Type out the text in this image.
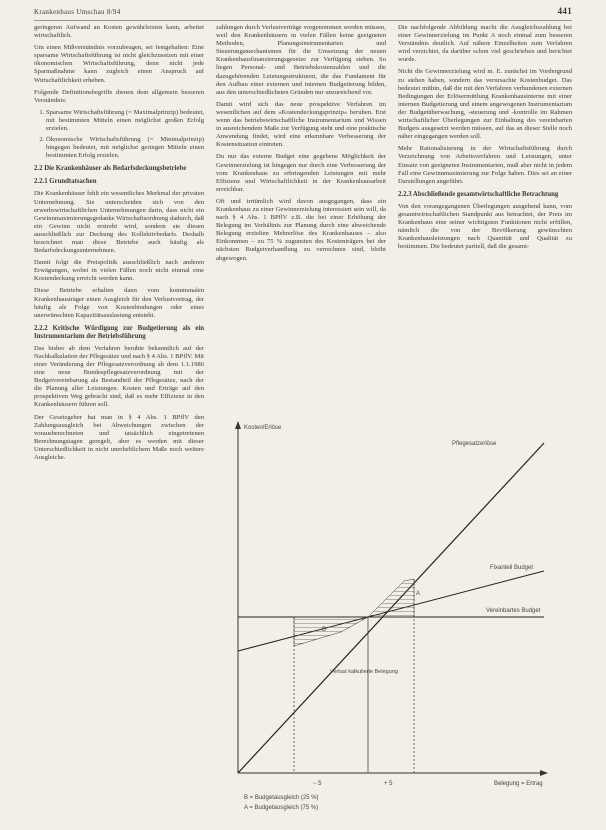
Krankenhaus Umschau 8/94	441

geringeren Aufwand an Kosten gewährleisten kann, arbeitet wirtschaftlich.

Um einen Mißverständnis vorzubeugen, sei festgehalten: Eine sparsame Wirtschaftsführung ist nicht gleichzusetzen mit einer ökonomischen Wirtschaftsführung, denn nicht jede Sparmaßnahme kann zugleich einen Anspruch auf Wirtschaftlichkeit erheben.

Folgende Definitionsbegriffe dienen dem allgemein besseren Verständnis:

1. Sparsame Wirtschaftsführung (= Maximalprinzip) bedeutet, mit bestimmten Mitteln einen möglichst großen Erfolg erzielen.
2. Ökonomische Wirtschaftsführung (= Minimalprinzip) hingegen bedeutet, mit möglichst geringen Mitteln einen bestimmten Erfolg erzielen.
2.2 Die Krankenhäuser als Bedarfsdeckungsbetriebe
2.2.1 Grundtatsachen

Die Krankenhäuser fehlt ein wesentliches Merkmal der privaten Unternehmung. Sie unterscheiden sich von den erwerbswirtschaftlichen Unternehmungen darin, dass nicht ein Gewinnmaximierungsgedanke Wirtschaftsordnung dadurch, daß ein Gewinn nicht erstrebt wird, sondern sie diesen ausschließlich zur Deckung des Kollektivbedarfs. Deshalb bezeichnet man diese Betriebe auch häufig als Bedarfsdeckungsunternehmen.

Damit folgt die Preispolitik ausschließlich nach anderen Erwägungen, wobei in vielen Fällen noch nicht einmal eine Kostendeckung erreicht werden kann.

Diese Betriebe erhalten dann vom kommunalen Krankenhausträger einen Ausgleich für den Verlustvortrag, der häufig als Folge von Kostenbindungen oder eines unerwünschten Kapazitätsauslastung entsteht.

2.2.2 Kritische Würdigung zur Budgetierung als ein Instrumentarium der Betriebsführung

Das bisher ab dem Verfahren beruhte bekanntlich auf der Nachkalkulation der Pflegesätze und nach § 4 Abs. 1 BPflV. Mit einer Veränderung der Pflegesatzverordnung ab dem 1.1.1986 eine neue Bundespflegesatzverordnung mit der Budgetvereinbarung als Bestandteil der Pflegesätze, nach der die Planung aller Leistungen. Kosten und Erträge auf den prospektiven Weg gebracht sind, daß es mehr Effizienz in den Krankenhäusern führen soll.

Der Gesetzgeber hat man in § 4 Abs. 1 BPflV den Zahlungsausgleich bei Abweichungen zwischen der vorausberechneten und tatsächlich eingetretenen Berechnungstagen geregelt, aber es werden mit dieser Unterschiedlichkeit in nicht unerheblichem Maße noch weitere Ausgleiche.

zahlungen durch Verlustverträge vorgenommen werden müssen, weil den Krankenhäusern in vielen Fällen keine geeigneten Methoden, Planungsinstrumentarien und Steuerungsmechanismen für die Umsetzung der neuen Krankenhausfinanzierungsgesetze zur Verfügung stehen. So liegen Personal- und Betriebskostenzahlen und die dazugehörenden Leistungsstrukturen, die das Fundament für den Aufbau einer externen und internen Budgetierung bilden, aus den unterschiedlichsten Gründen nur unzureichend vor.

Damit wird sich das neue prospektive Verfahren im wesentlichen auf dem »Kostendeckungsprinzip« beruhen. Erst wenn das betriebswirtschaftliche Instrumentarium und Wissen in ausreichendem Maße zur Verfügung steht und eine praktische Anwendung findet, wird eine erkennbare Verbesserung der Kostensituation eintreten.

Du nur das externe Budget eine gegebene Möglichkeit der Gewinnerzielung ist hingegen nur durch eine Verbesserung der vom Krankenhaus zu erbringenden Leistungen mit mehr Effizienz und Wirtschaftlichkeit in der Krankenhausarbeit erreichbar.

Oft und irrtümlich wird davon ausgegangen, dass ein Krankenhaus zu einer Gewinnerzielung interessiert sein will, da nach § 4 Abs. 1 BPflV z.B. die bei einer Erhöhung der Belegung im Verhältnis zur Planung durch eine abweichende Belegung erzielten Mehrerlöse des Krankenhauses – also Einkommen – zu 75 % zugunsten des Kostenträgers bei der nächsten Budgetverhandlung zu verrechnen sind, bleibt abgewogen.

Die nachfolgende Abbildung macht die Ausgleichszahlung bei einer Gewinnerzielung im Punkt A noch einmal zum besseren Verständnis deutlich. Auf nähere Einzelheiten zum Verfahren wird verzichtet, da darüber schon viel geschrieben und berichtet wurde.

Nicht die Gewinnerzielung wird m. E. zunächst im Vordergrund zu stehen haben, sondern das verursachte Kostenbudget. Das bedeutet mithin, daß die mit den Verfahren verbundenen externen Bedingungen der Erlösermittlung Krankenhausinterne mit einer internen Budgetierung und einem angewogenen Instrumentarium der Budgetüberwachung, -steuerung und -kontrolle im Rahmen wirtschaftlicher Überlegungen zur Einhaltung des vereinbarten Budgets ausgesetzt werden müssen, auf das an dieser Stelle noch näher eingegangen werden soll.

Mehr Rationalisierung in der Wirtschaftsführung durch Verzeichnung von Arbeitsverfahren und Leistungen, unter Einsatz von geeigneten Instrumentarien, muß aber nicht in jedem Fall eine Gewinnmaximierung zur Folge haben. Dies sei an einer Darstellungen angeführt.

2.2.3 Abschließende gesamtwirtschaftliche Betrachtung

Von den vorangegangenen Überlegungen ausgehend kann, vom gesamtwirtschaftlichen Standpunkt aus betrachtet, der Preis im Krankenhaus eine seiner wichtigsten Funktionen nicht erfüllen, nämlich die von der Bevölkerung gewünschten Krankenhausleistungen nach Quantität und Qualität zu bestimmen. Die bedeutet partiell, daß die gesamt-

Kosten/Erlöse
Belegung = Ertrag
Pflegesatzerlöse
Fixanteil Budget
Vereinbartes Budget
A
B
Verlust kalkulierte Belegung
− 5	+ 5
B = Budgetausgleich (25 %)
A = Budgetausgleich (75 %)
